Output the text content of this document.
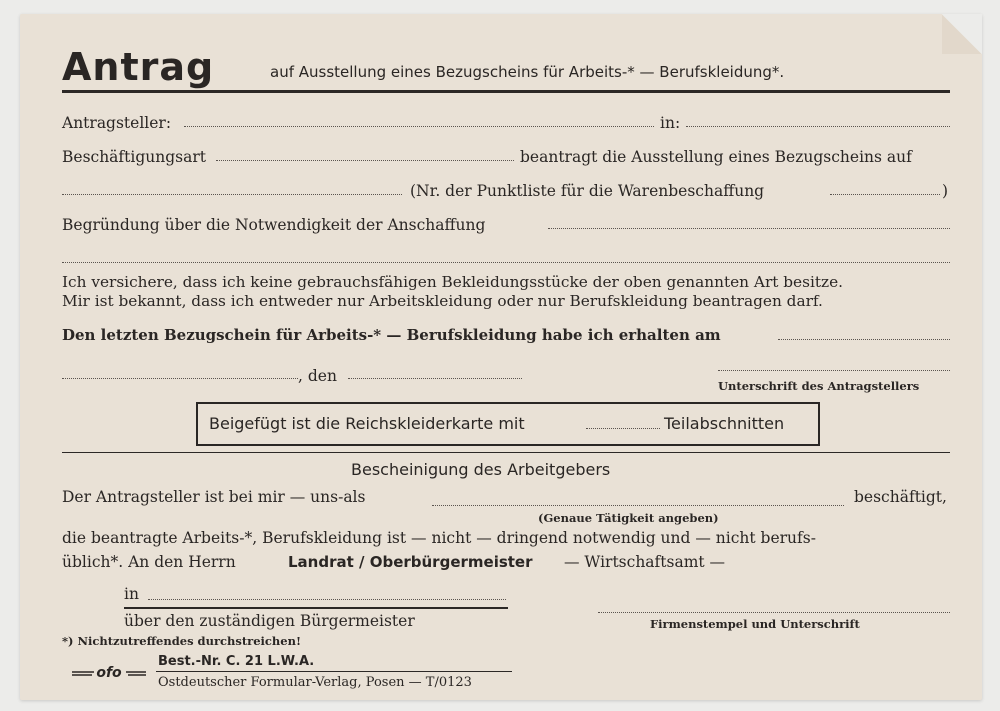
Antrag	auf Ausstellung eines Bezugscheins für Arbeits-* — Berufskleidung*.
Antragsteller:	in:
Beschäftigungsart	beantragt die Ausstellung eines Bezugscheins auf
(Nr. der Punktliste für die Warenbeschaffung	)
Begründung über die Notwendigkeit der Anschaffung
Ich versichere, dass ich keine gebrauchsfähigen Bekleidungsstücke der oben genannten Art besitze.
Mir ist bekannt, dass ich entweder nur Arbeitskleidung oder nur Berufskleidung beantragen darf.
Den letzten Bezugschein für Arbeits-* — Berufskleidung habe ich erhalten am
, den
Unterschrift des Antragstellers
Beigefügt ist die Reichskleiderkarte mit	Teilabschnitten
Bescheinigung des Arbeitgebers
Der Antragsteller ist bei mir — uns-als	beschäftigt,
(Genaue Tätigkeit angeben)
die beantragte Arbeits-*, Berufskleidung ist — nicht — dringend notwendig und — nicht berufs-
üblich*. An den Herrn	Landrat / Oberbürgermeister — Wirtschaftsamt —
in
über den zuständigen Bürgermeister	Firmenstempel und Unterschrift
*) Nichtzutreffendes durchstreichen!
ofo
Best.-Nr. C. 21 L.W.A.
Ostdeutscher Formular-Verlag, Posen — T/0123
